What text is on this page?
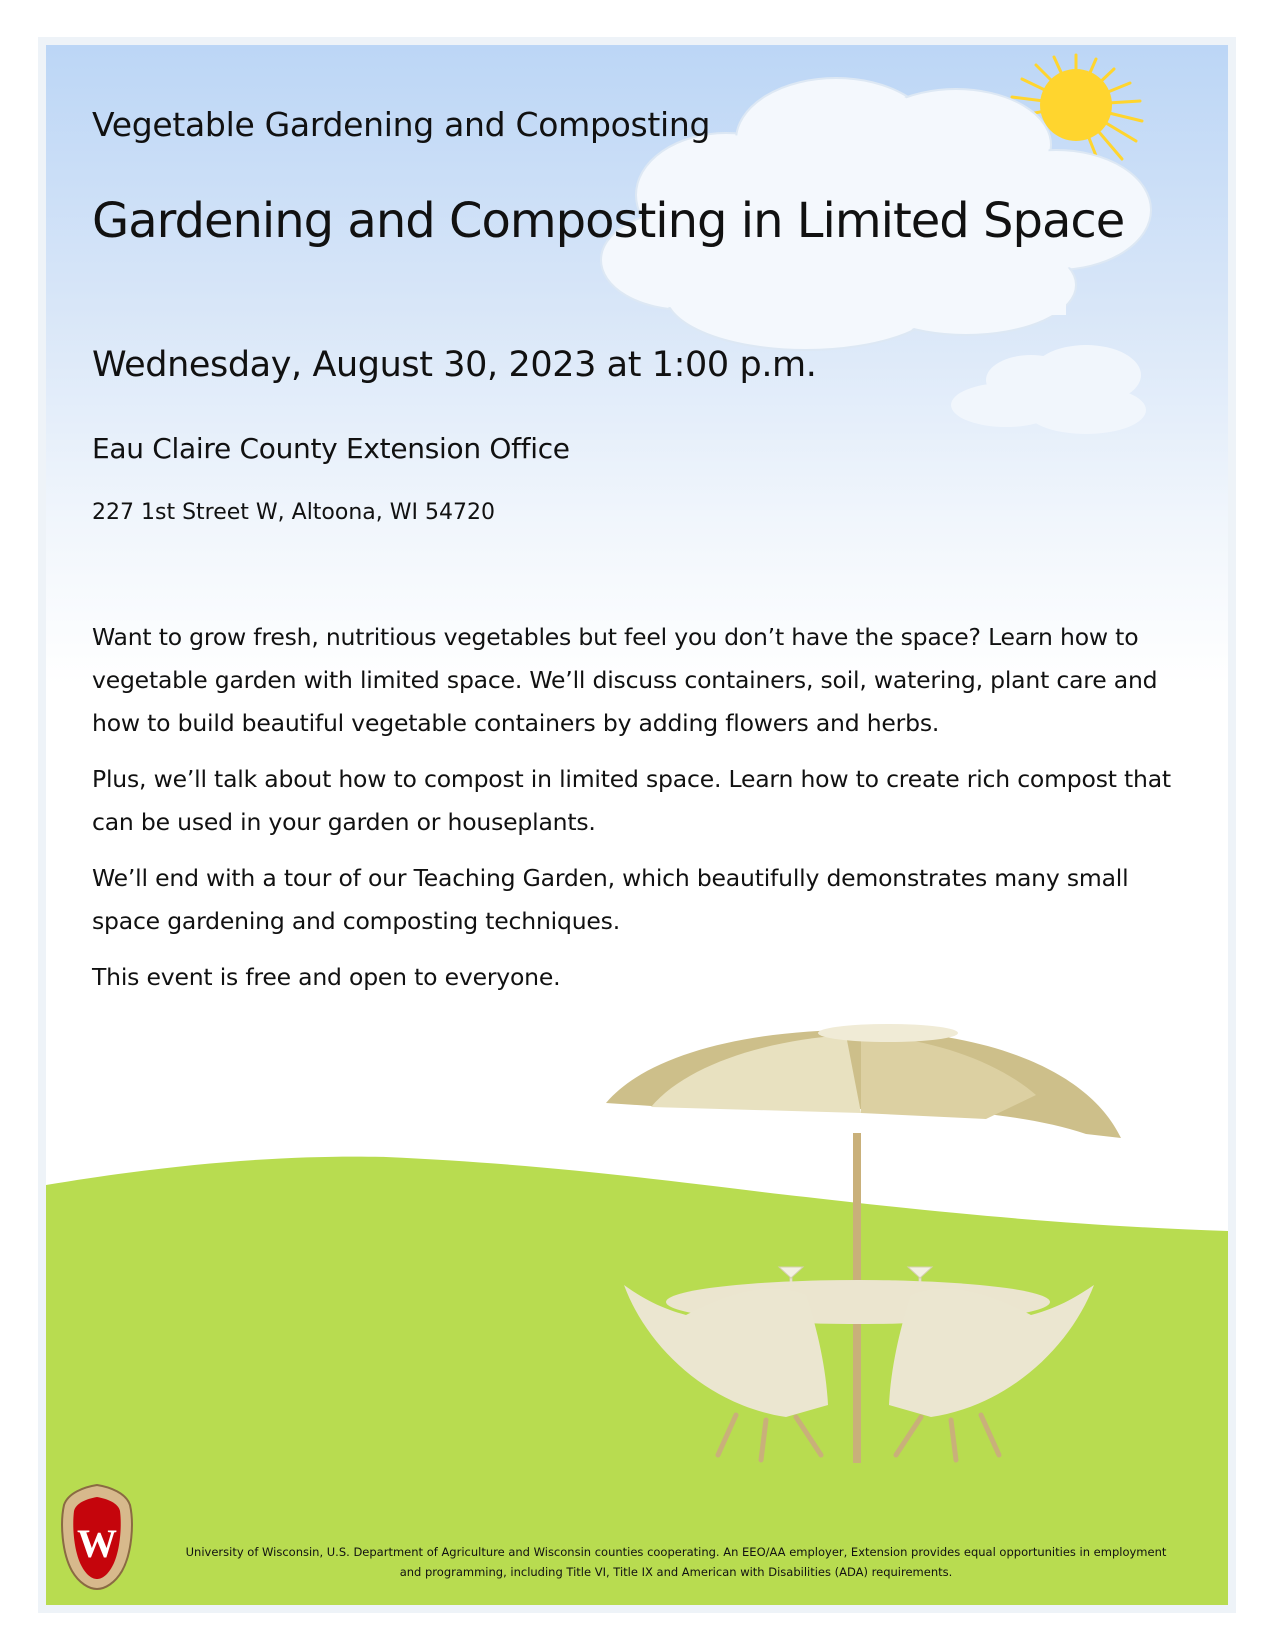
Vegetable Gardening and Composting

Gardening and Composting in Limited Space

Wednesday, August 30, 2023 at 1:00 p.m.

Eau Claire County Extension Office

227 1st Street W, Altoona, WI 54720

Want to grow fresh, nutritious vegetables but feel you don’t have the space? Learn how to vegetable garden with limited space. We’ll discuss containers, soil, watering, plant care and how to build beautiful vegetable containers by adding flowers and herbs.

Plus, we’ll talk about how to compost in limited space. Learn how to create rich compost that can be used in your garden or houseplants.

We’ll end with a tour of our Teaching Garden, which beautifully demonstrates many small space gardening and composting techniques.

This event is free and open to everyone.

W	University of Wisconsin, U.S. Department of Agriculture and Wisconsin counties cooperating. An EEO/AA employer, Extension provides equal opportunities in employment
and programming, including Title VI, Title IX and American with Disabilities (ADA) requirements.
